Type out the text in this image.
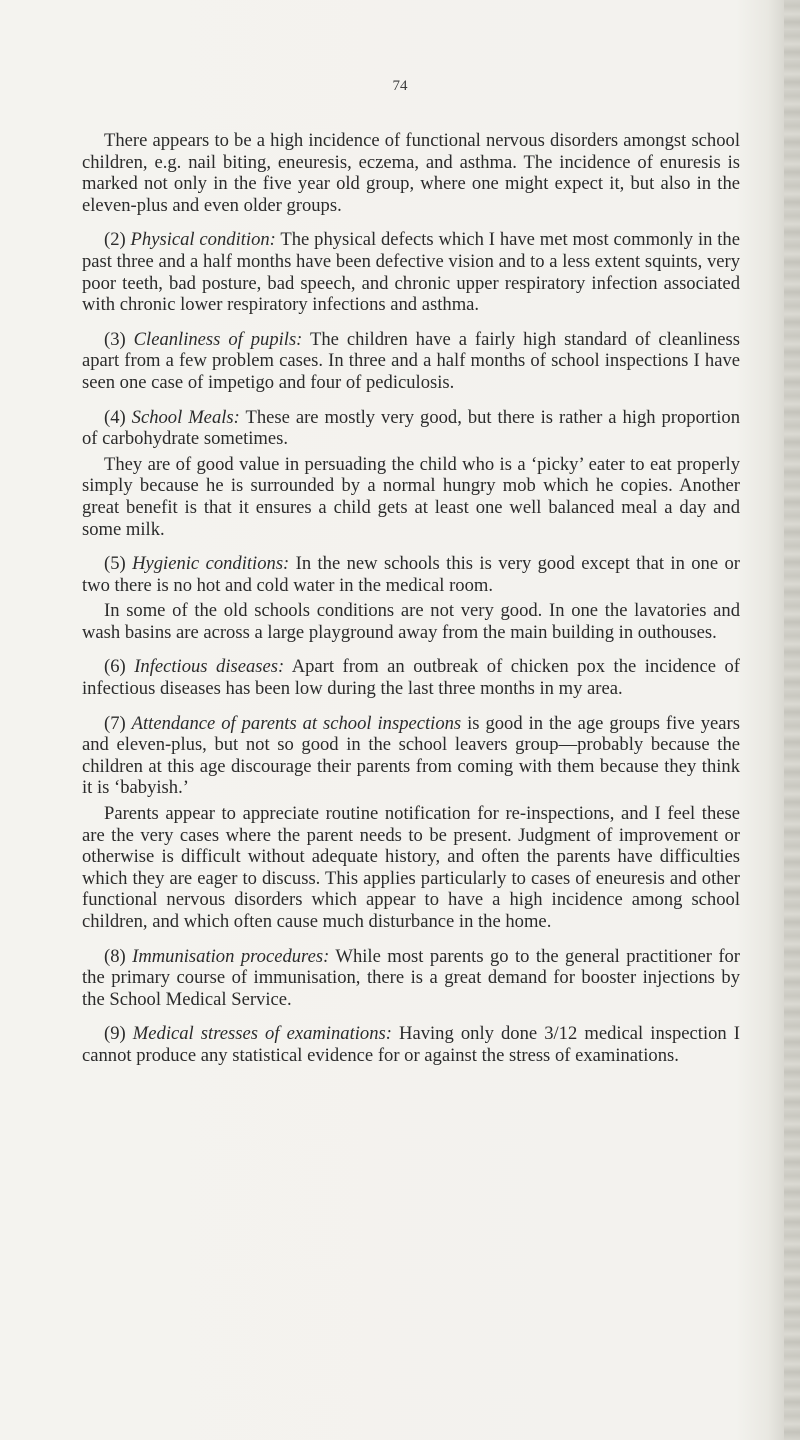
74

There appears to be a high incidence of functional nervous disorders amongst school children, e.g. nail biting, eneuresis, eczema, and asthma. The incidence of enuresis is marked not only in the five year old group, where one might expect it, but also in the eleven-plus and even older groups.

(2) Physical condition: The physical defects which I have met most commonly in the past three and a half months have been defective vision and to a less extent squints, very poor teeth, bad posture, bad speech, and chronic upper respiratory infection associated with chronic lower respiratory infections and asthma.

(3) Cleanliness of pupils: The children have a fairly high standard of cleanliness apart from a few problem cases. In three and a half months of school inspections I have seen one case of impetigo and four of pediculosis.

(4) School Meals: These are mostly very good, but there is rather a high proportion of carbohydrate sometimes.

They are of good value in persuading the child who is a ‘picky’ eater to eat properly simply because he is surrounded by a normal hungry mob which he copies. Another great benefit is that it ensures a child gets at least one well balanced meal a day and some milk.

(5) Hygienic conditions: In the new schools this is very good except that in one or two there is no hot and cold water in the medical room.

In some of the old schools conditions are not very good. In one the lavatories and wash basins are across a large playground away from the main building in outhouses.

(6) Infectious diseases: Apart from an outbreak of chicken pox the incidence of infectious diseases has been low during the last three months in my area.

(7) Attendance of parents at school inspections is good in the age groups five years and eleven-plus, but not so good in the school leavers group—probably because the children at this age discourage their parents from coming with them because they think it is ‘babyish.’

Parents appear to appreciate routine notification for re-inspections, and I feel these are the very cases where the parent needs to be present. Judgment of improvement or otherwise is difficult without adequate history, and often the parents have difficulties which they are eager to discuss. This applies particularly to cases of eneuresis and other functional nervous disorders which appear to have a high incidence among school children, and which often cause much disturbance in the home.

(8) Immunisation procedures: While most parents go to the general practitioner for the primary course of immunisation, there is a great demand for booster injections by the School Medical Service.

(9) Medical stresses of examinations: Having only done 3/12 medical inspection I cannot produce any statistical evidence for or against the stress of examinations.
